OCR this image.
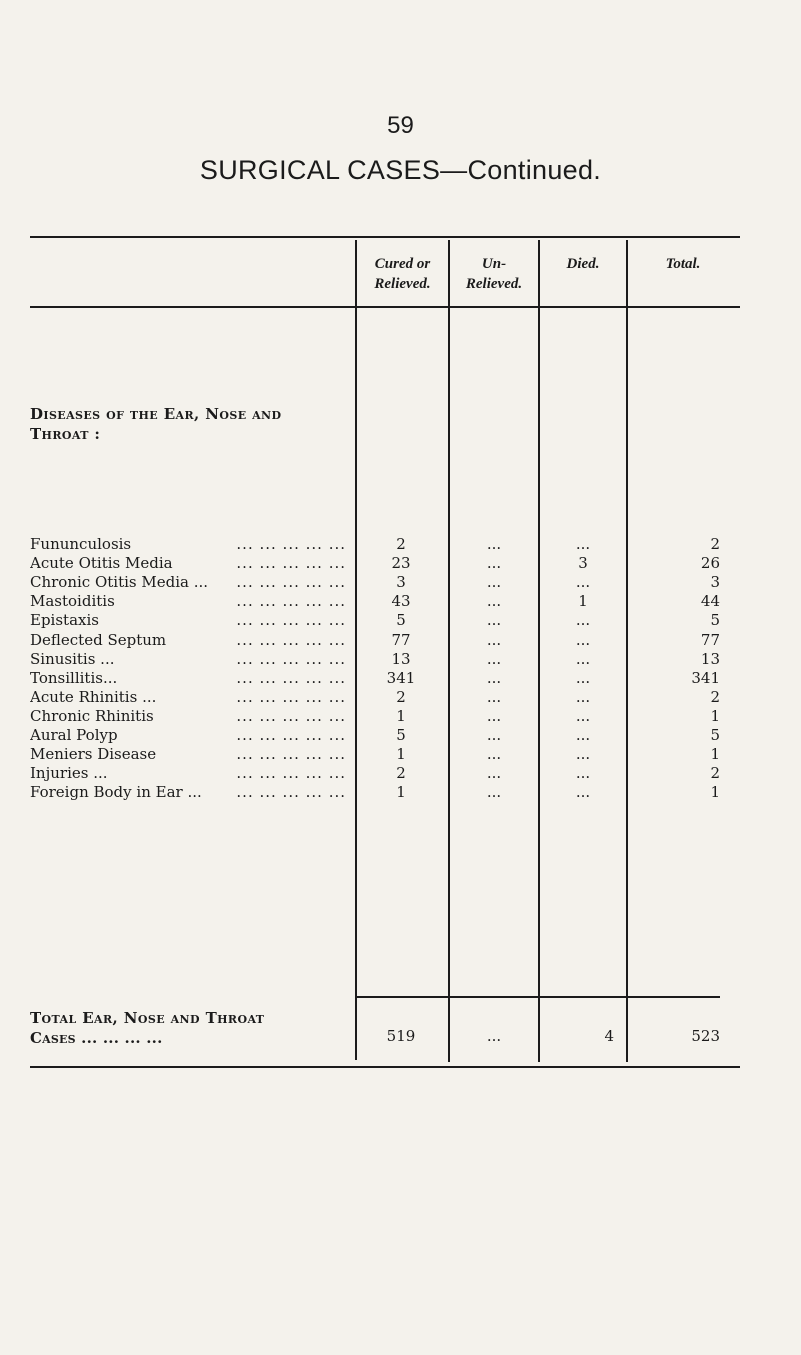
59
SURGICAL CASES—Continued.
Cured or
Relieved.
Un-
Relieved.
Died.	Total.
Diseases of the Ear, Nose and
Throat :
Fununculosis	... ... ... ... ...	2	...	...	2
Acute Otitis Media	... ... ... ... ...	23	...	3	26
Chronic Otitis Media ...	... ... ... ... ...	3	...	...	3
Mastoiditis	... ... ... ... ...	43	...	1	44
Epistaxis	... ... ... ... ...	5	...	...	5
Deflected Septum	... ... ... ... ...	77	...	...	77
Sinusitis ...	... ... ... ... ...	13	...	...	13
Tonsillitis...	... ... ... ... ...	341	...	...	341
Acute Rhinitis ...	... ... ... ... ...	2	...	...	2
Chronic Rhinitis	... ... ... ... ...	1	...	...	1
Aural Polyp	... ... ... ... ...	5	...	...	5
Meniers Disease	... ... ... ... ...	1	...	...	1
Injuries ...	... ... ... ... ...	2	...	...	2
Foreign Body in Ear ...	... ... ... ... ...	1	...	...	1
Total Ear, Nose and Throat
Cases ... ... ... ...	519	...	4	523
